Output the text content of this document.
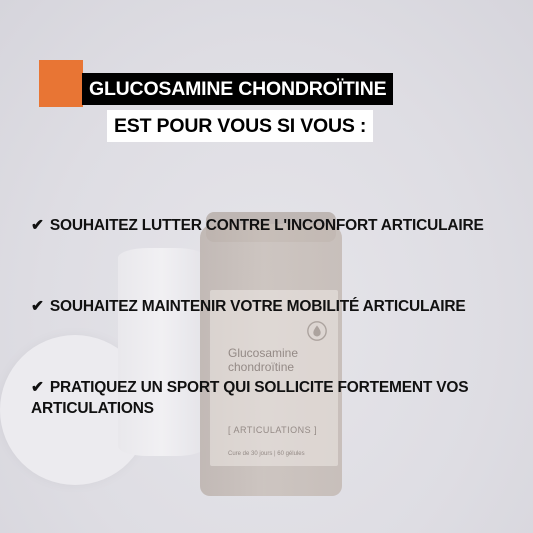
Glucosamine
chondroïtine
[ ARTICULATIONS ]
Cure de 30 jours | 60 gélules
GLUCOSAMINE CHONDROÏTINE
EST POUR VOUS SI VOUS :
✔ SOUHAITEZ LUTTER CONTRE L'INCONFORT ARTICULAIRE
✔ SOUHAITEZ MAINTENIR VOTRE MOBILITÉ ARTICULAIRE
✔ PRATIQUEZ UN SPORT QUI SOLLICITE FORTEMENT VOS ARTICULATIONS
